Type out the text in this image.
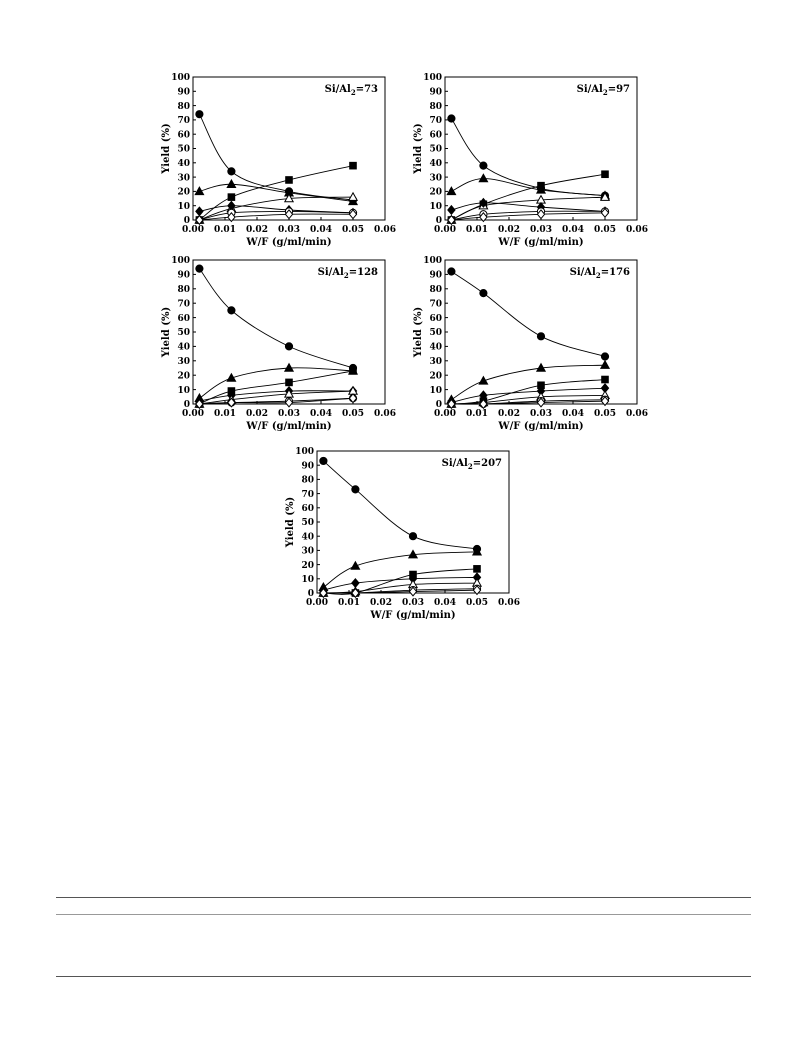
0
10
20
30
40
50
60
70
80
90
100
0.00 0.01 0.02 0.03 0.04 0.05 0.06
W/F (g/ml/min)
Yield (%)
$Si/Al_2=73$
0
10
20
30
40
50
60
70
80
90
100
0.00 0.01 0.02 0.03 0.04 0.05 0.06
W/F (g/ml/min)
Yield (%)
$Si/Al_2=97$
0
10
20
30
40
50
60
70
80
90
100
0.00 0.01 0.02 0.03 0.04 0.05 0.06
W/F (g/ml/min)
Yield (%)
$Si/Al_2=128$
0
10
20
30
40
50
60
70
80
90
100
0.00 0.01 0.02 0.03 0.04 0.05 0.06
W/F (g/ml/min)
Yield (%)
$Si/Al_2=176$
0
10
20
30
40
50
60
70
80
90
100
0.00 0.01 0.02 0.03 0.04 0.05 0.06
W/F (g/ml/min)
Yield (%)
$Si/Al_2=207$
